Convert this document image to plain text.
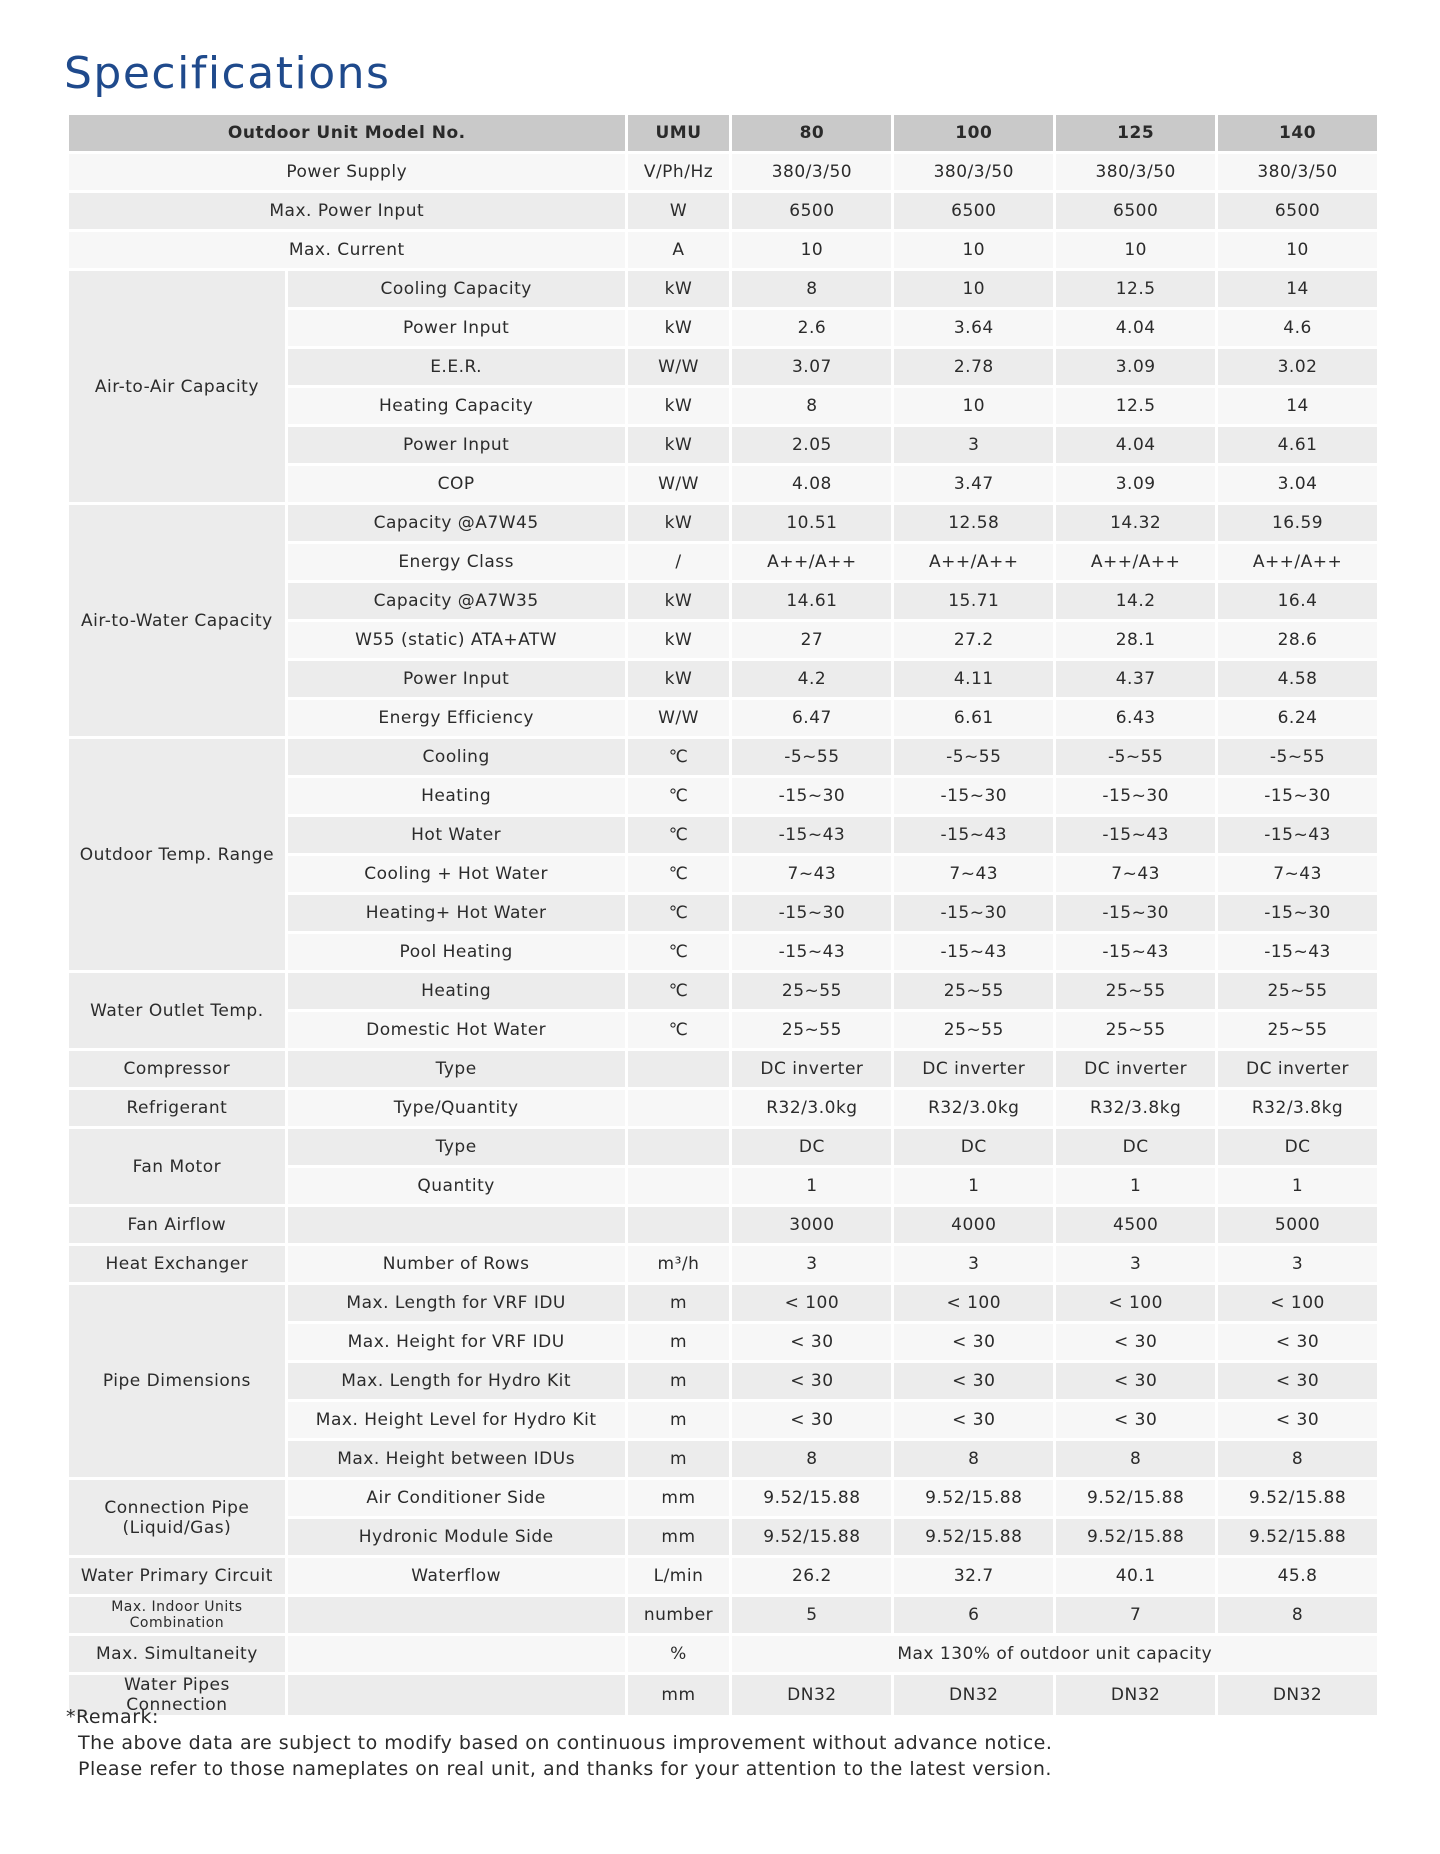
Specifications
Outdoor Unit Model No.		UMU	80	100	125	140
Power Supply		V/Ph/Hz	380/3/50	380/3/50	380/3/50	380/3/50
Max. Power Input		W	6500	6500	6500	6500
Max. Current		A	10	10	10	10
Air-to-Air Capacity	Cooling Capacity	kW	8	10	12.5	14
	Power Input	kW	2.6	3.64	4.04	4.6
	E.E.R.	W/W	3.07	2.78	3.09	3.02
	Heating Capacity	kW	8	10	12.5	14
	Power Input	kW	2.05	3	4.04	4.61
	COP	W/W	4.08	3.47	3.09	3.04
Air-to-Water Capacity	Capacity @A7W45	kW	10.51	12.58	14.32	16.59
	Energy Class	/	A++/A++	A++/A++	A++/A++	A++/A++
	Capacity @A7W35	kW	14.61	15.71	14.2	16.4
	W55 (static) ATA+ATW	kW	27	27.2	28.1	28.6
	Power Input	kW	4.2	4.11	4.37	4.58
	Energy Efficiency	W/W	6.47	6.61	6.43	6.24
Outdoor Temp. Range	Cooling	℃	-5~55	-5~55	-5~55	-5~55
	Heating	℃	-15~30	-15~30	-15~30	-15~30
	Hot Water	℃	-15~43	-15~43	-15~43	-15~43
	Cooling + Hot Water	℃	7~43	7~43	7~43	7~43
	Heating+ Hot Water	℃	-15~30	-15~30	-15~30	-15~30
	Pool Heating	℃	-15~43	-15~43	-15~43	-15~43
Water Outlet Temp.	Heating	℃	25~55	25~55	25~55	25~55
	Domestic Hot Water	℃	25~55	25~55	25~55	25~55
Compressor	Type		DC inverter	DC inverter	DC inverter	DC inverter
Refrigerant	Type/Quantity		R32/3.0kg	R32/3.0kg	R32/3.8kg	R32/3.8kg
Fan Motor	Type		DC	DC	DC	DC
	Quantity		1	1	1	1
Fan Airflow			3000	4000	4500	5000
Heat Exchanger	Number of Rows	m³/h	3	3	3	3
Pipe Dimensions	Max. Length for VRF IDU	m	< 100	< 100	< 100	< 100
	Max. Height for VRF IDU	m	< 30	< 30	< 30	< 30
	Max. Length for Hydro Kit	m	< 30	< 30	< 30	< 30
	Max. Height Level for Hydro Kit	m	< 30	< 30	< 30	< 30
	Max. Height between IDUs	m	8	8	8	8
Connection Pipe
(Liquid/Gas)	Air Conditioner Side	mm	9.52/15.88	9.52/15.88	9.52/15.88	9.52/15.88
	Hydronic Module Side	mm	9.52/15.88	9.52/15.88	9.52/15.88	9.52/15.88
Water Primary Circuit	Waterflow	L/min	26.2	32.7	40.1	45.8
Max. Indoor Units Combination		number	5	6	7	8
Max. Simultaneity		%	Max 130% of outdoor unit capacity			
Water Pipes Connection		mm	DN32	DN32	DN32	DN32
*Remark:
The above data are subject to modify based on continuous improvement without advance notice.
Please refer to those nameplates on real unit, and thanks for your attention to the latest version.
